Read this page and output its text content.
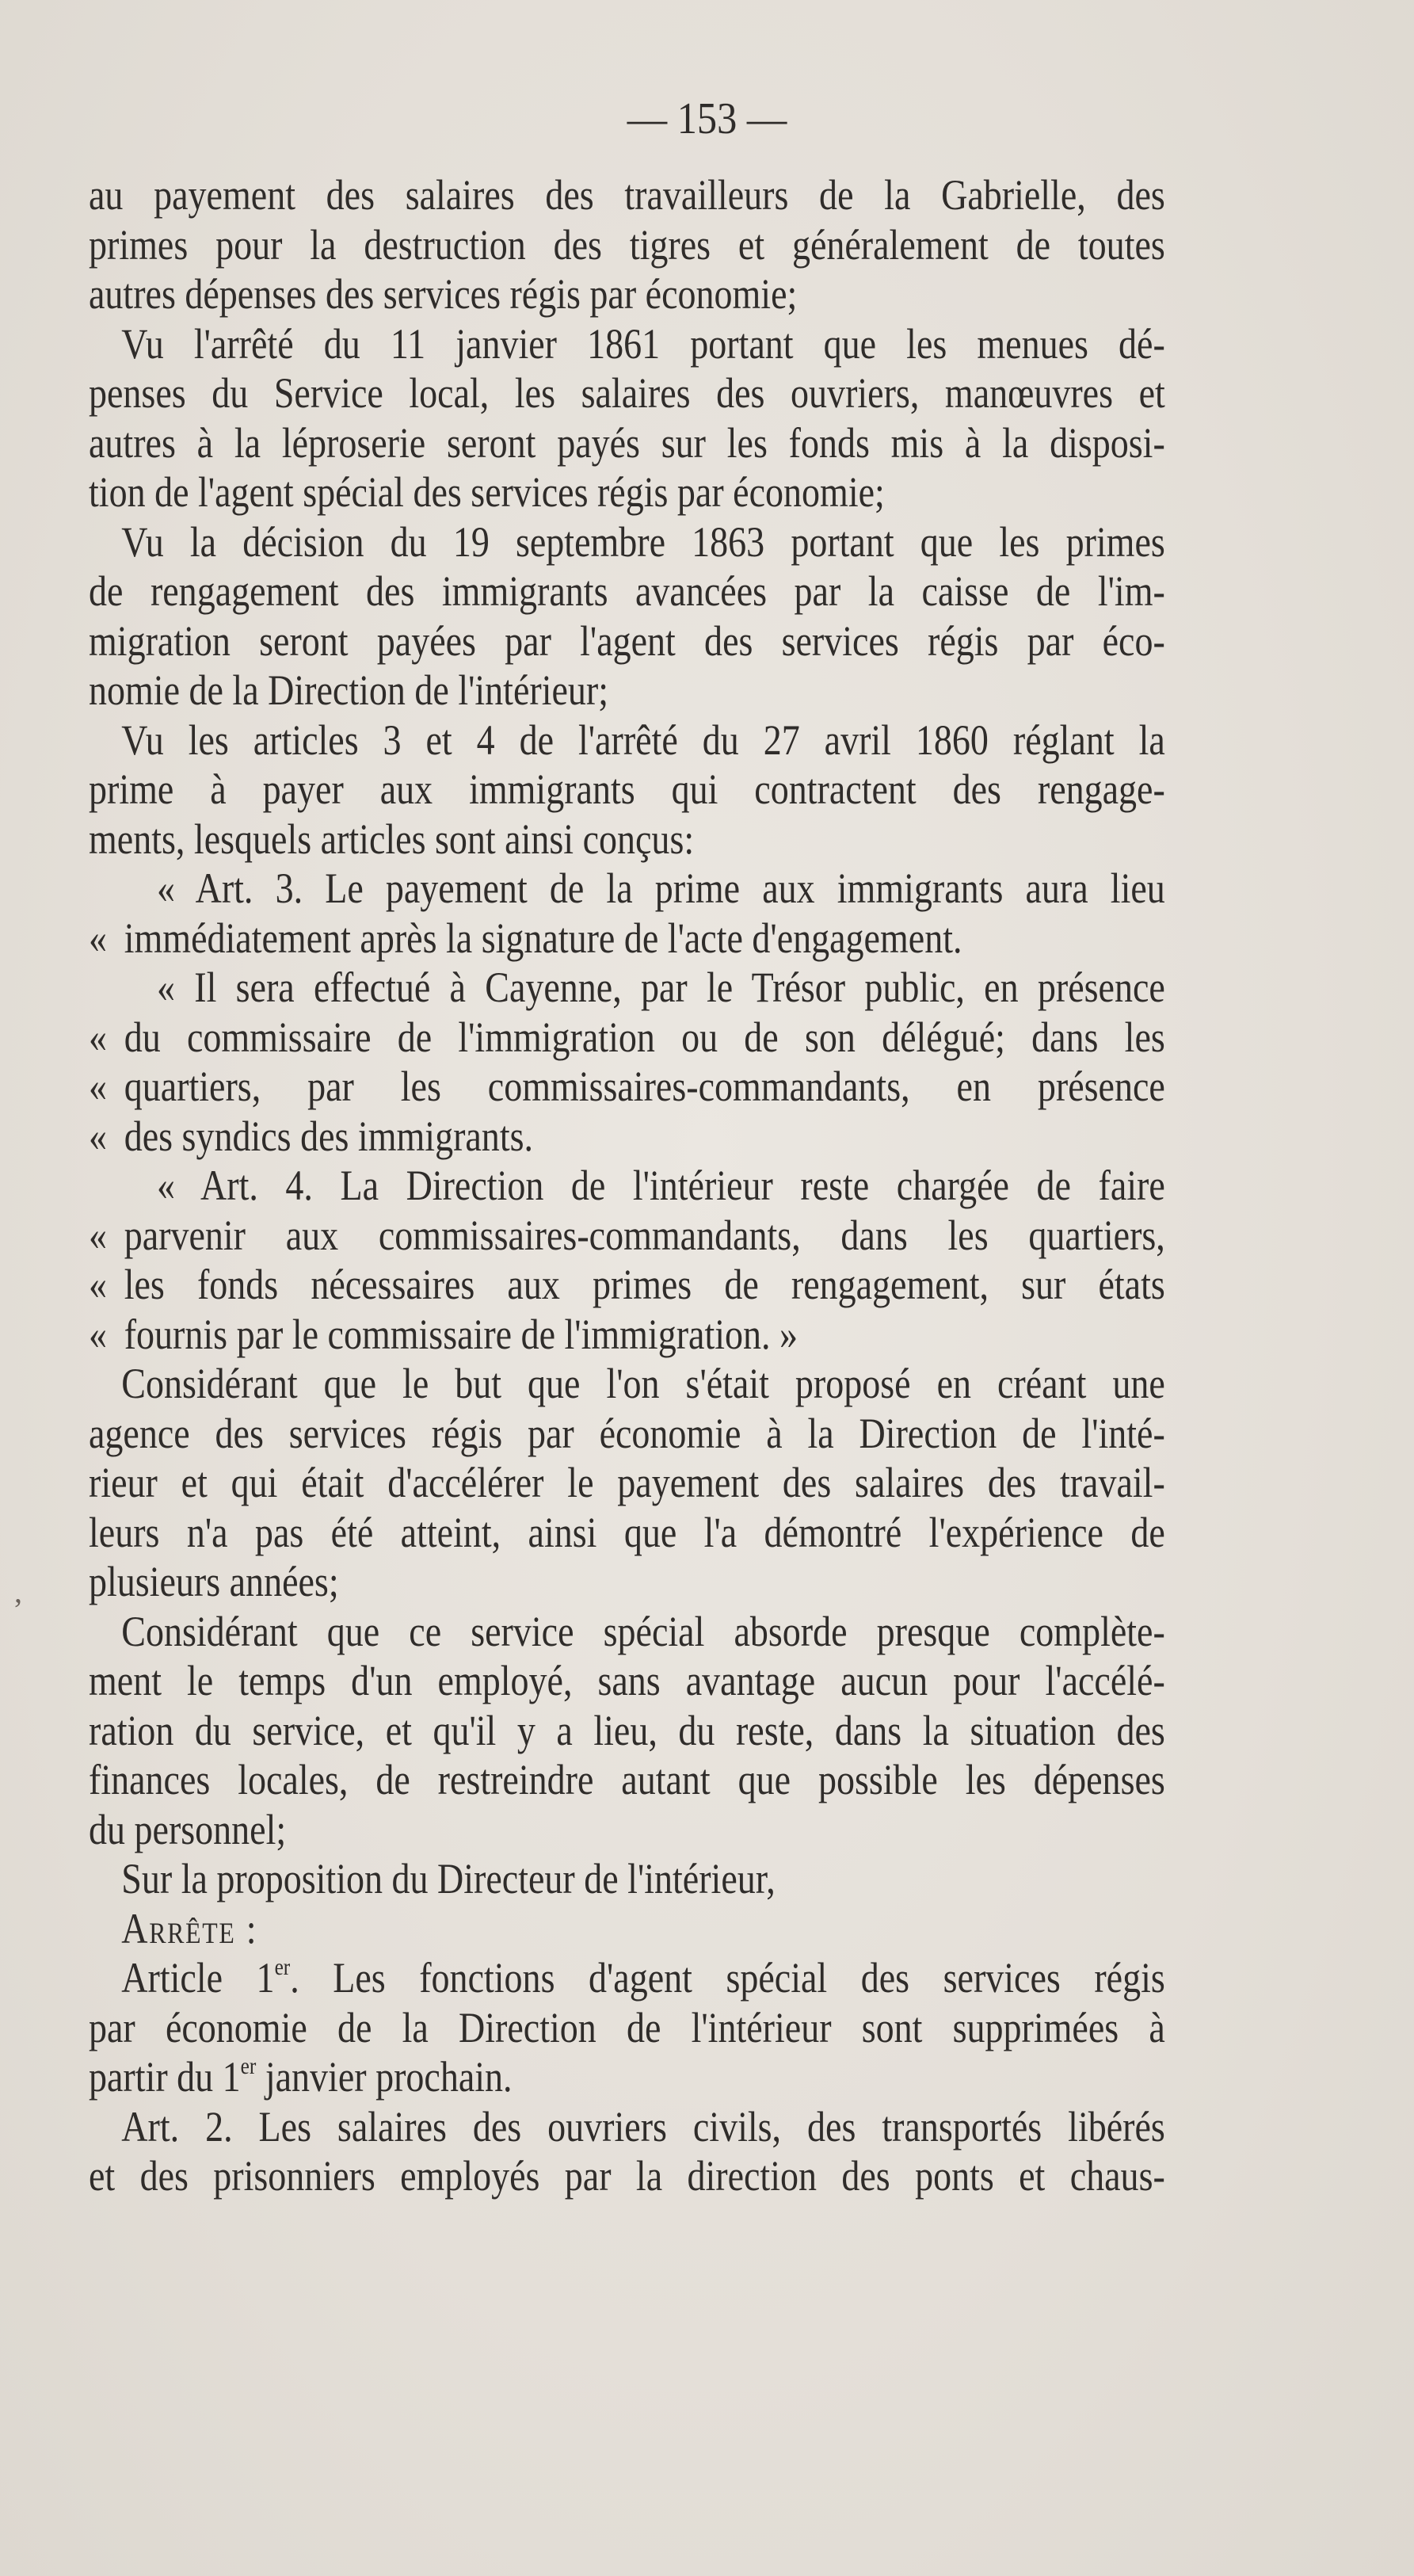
— 153 —
au payement des salaires des travailleurs de la Gabrielle, des
primes pour la destruction des tigres et généralement de toutes
autres dépenses des services régis par économie;
Vu l'arrêté du 11 janvier 1861 portant que les menues dé-
penses du Service local, les salaires des ouvriers, manœuvres et
autres à la léproserie seront payés sur les fonds mis à la disposi-
tion de l'agent spécial des services régis par économie;
Vu la décision du 19 septembre 1863 portant que les primes
de rengagement des immigrants avancées par la caisse de l'im-
migration seront payées par l'agent des services régis par éco-
nomie de la Direction de l'intérieur;
Vu les articles 3 et 4 de l'arrêté du 27 avril 1860 réglant la
prime à payer aux immigrants qui contractent des rengage-
ments, lesquels articles sont ainsi conçus:
« Art. 3. Le payement de la prime aux immigrants aura lieu
« immédiatement après la signature de l'acte d'engagement.
« Il sera effectué à Cayenne, par le Trésor public, en présence
« du commissaire de l'immigration ou de son délégué; dans les
« quartiers, par les commissaires-commandants, en présence
« des syndics des immigrants.
« Art. 4. La Direction de l'intérieur reste chargée de faire
« parvenir aux commissaires-commandants, dans les quartiers,
« les fonds nécessaires aux primes de rengagement, sur états
« fournis par le commissaire de l'immigration. »
Considérant que le but que l'on s'était proposé en créant une
agence des services régis par économie à la Direction de l'inté-
rieur et qui était d'accélérer le payement des salaires des travail-
leurs n'a pas été atteint, ainsi que l'a démontré l'expérience de
plusieurs années;
Considérant que ce service spécial absorde presque complète-
ment le temps d'un employé, sans avantage aucun pour l'accélé-
ration du service, et qu'il y a lieu, du reste, dans la situation des
finances locales, de restreindre autant que possible les dépenses
du personnel;
Sur la proposition du Directeur de l'intérieur,
Arrête :
Article 1er. Les fonctions d'agent spécial des services régis
par économie de la Direction de l'intérieur sont supprimées à
partir du 1er janvier prochain.
Art. 2. Les salaires des ouvriers civils, des transportés libérés
et des prisonniers employés par la direction des ponts et chaus-
,
